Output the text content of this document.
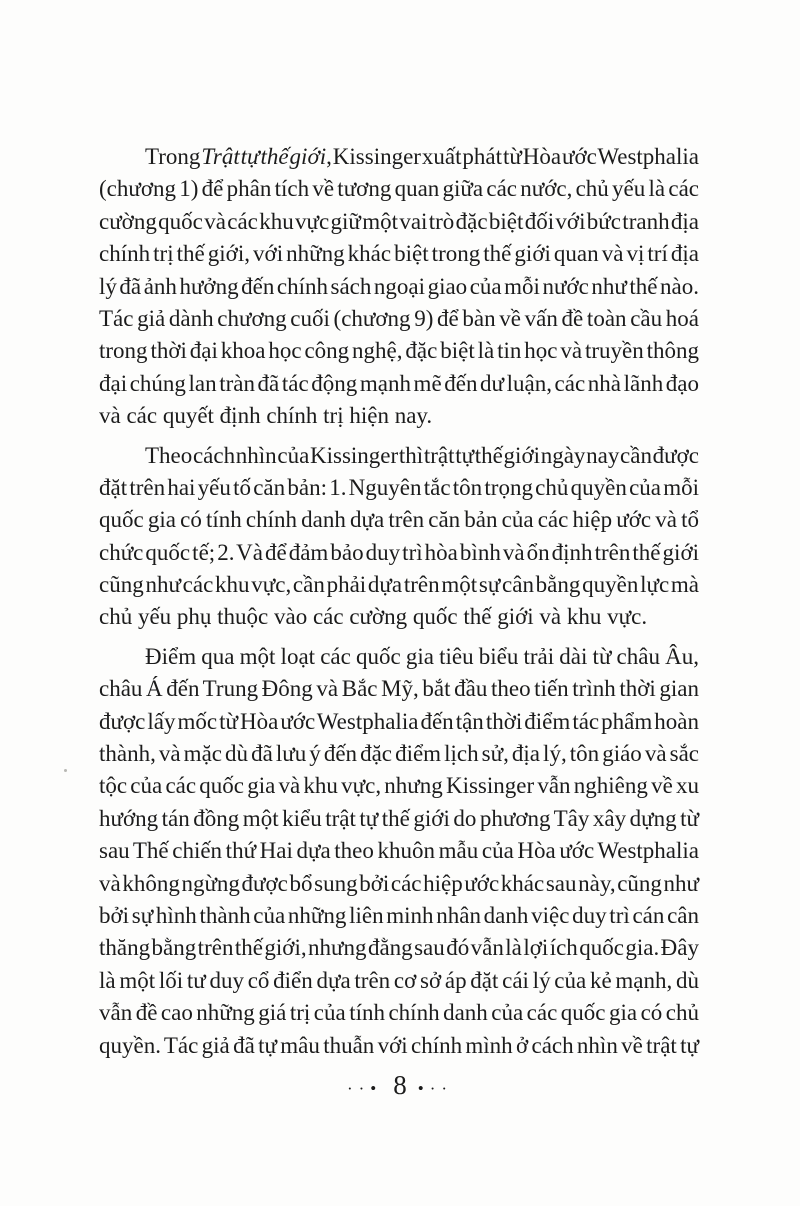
Trong Trật tự thế giới, Kissinger xuất phát từ Hòa ước Westphalia
(chương 1) để phân tích về tương quan giữa các nước, chủ yếu là các
cường quốc và các khu vực giữ một vai trò đặc biệt đối với bức tranh địa
chính trị thế giới, với những khác biệt trong thế giới quan và vị trí địa
lý đã ảnh hưởng đến chính sách ngoại giao của mỗi nước như thế nào.
Tác giả dành chương cuối (chương 9) để bàn về vấn đề toàn cầu hoá
trong thời đại khoa học công nghệ, đặc biệt là tin học và truyền thông
đại chúng lan tràn đã tác động mạnh mẽ đến dư luận, các nhà lãnh đạo
và các quyết định chính trị hiện nay.
Theo cách nhìn của Kissinger thì trật tự thế giới ngày nay cần được
đặt trên hai yếu tố căn bản: 1. Nguyên tắc tôn trọng chủ quyền của mỗi
quốc gia có tính chính danh dựa trên căn bản của các hiệp ước và tổ
chức quốc tế; 2. Và để đảm bảo duy trì hòa bình và ổn định trên thế giới
cũng như các khu vực, cần phải dựa trên một sự cân bằng quyền lực mà
chủ yếu phụ thuộc vào các cường quốc thế giới và khu vực.
Điểm qua một loạt các quốc gia tiêu biểu trải dài từ châu Âu,
châu Á đến Trung Đông và Bắc Mỹ, bắt đầu theo tiến trình thời gian
được lấy mốc từ Hòa ước Westphalia đến tận thời điểm tác phẩm hoàn
thành, và mặc dù đã lưu ý đến đặc điểm lịch sử, địa lý, tôn giáo và sắc
tộc của các quốc gia và khu vực, nhưng Kissinger vẫn nghiêng về xu
hướng tán đồng một kiểu trật tự thế giới do phương Tây xây dựng từ
sau Thế chiến thứ Hai dựa theo khuôn mẫu của Hòa ước Westphalia
và không ngừng được bổ sung bởi các hiệp ước khác sau này, cũng như
bởi sự hình thành của những liên minh nhân danh việc duy trì cán cân
thăng bằng trên thế giới, nhưng đằng sau đó vẫn là lợi ích quốc gia. Đây
là một lối tư duy cổ điển dựa trên cơ sở áp đặt cái lý của kẻ mạnh, dù
vẫn đề cao những giá trị của tính chính danh của các quốc gia có chủ
quyền. Tác giả đã tự mâu thuẫn với chính mình ở cách nhìn về trật tự
··• 8 •··
